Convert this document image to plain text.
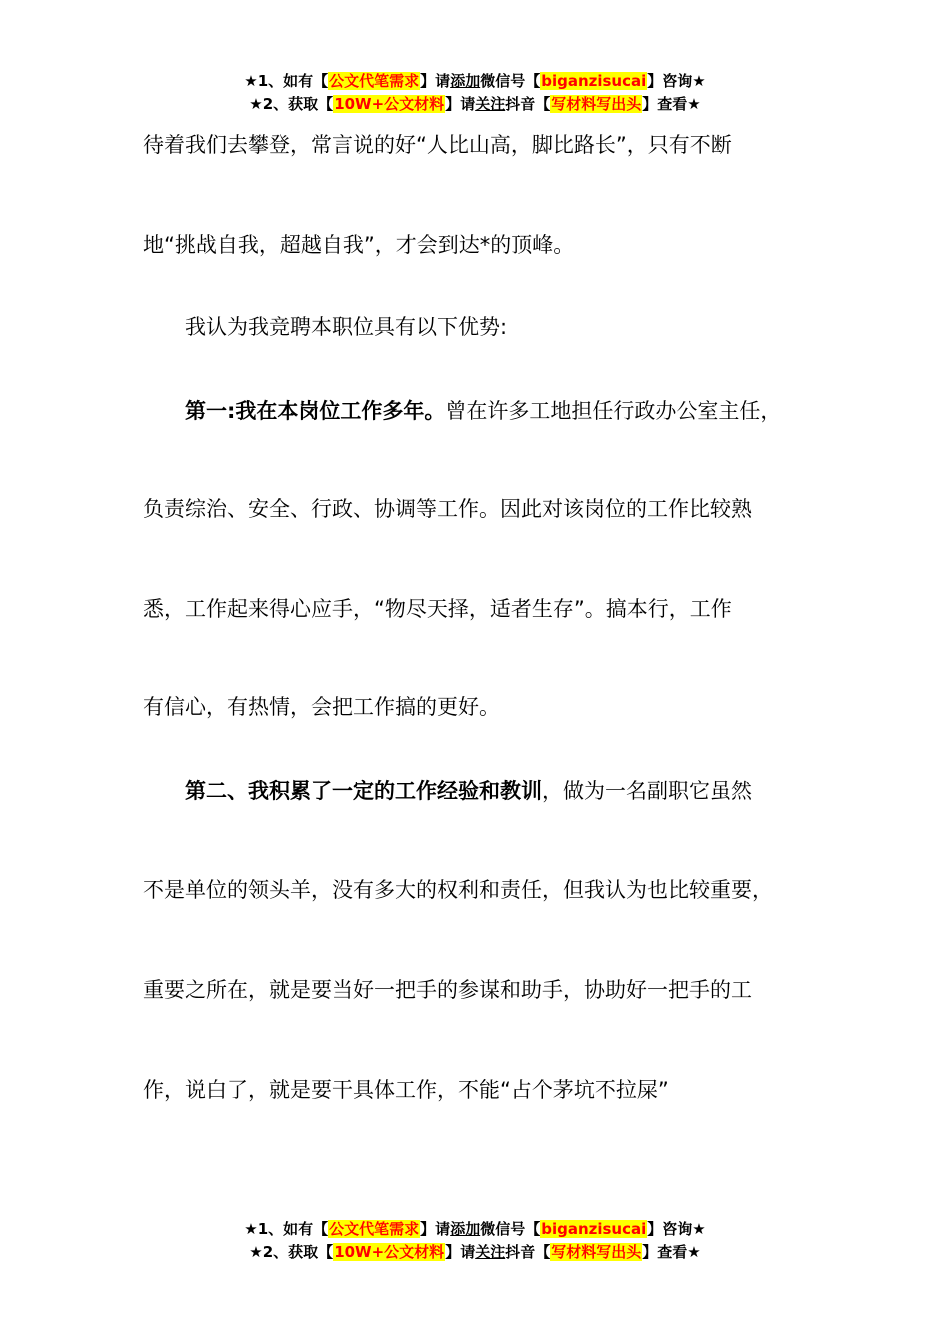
★1、如有【公文代笔需求】请添加微信号【biganzisucai】咨询★
★2、获取【10W+公文材料】请关注抖音【写材料写出头】查看★
待着我们去攀登，常言说的好“人比山高，脚比路长”，只有不断
地“挑战自我，超越自我”，才会到达*的顶峰。
我认为我竞聘本职位具有以下优势:
第一:我在本岗位工作多年。曾在许多工地担任行政办公室主任，
负责综治、安全、行政、协调等工作。因此对该岗位的工作比较熟
悉，工作起来得心应手，“物尽天择，适者生存”。搞本行，工作
有信心，有热情，会把工作搞的更好。
第二、我积累了一定的工作经验和教训，做为一名副职它虽然
不是单位的领头羊，没有多大的权利和责任，但我认为也比较重要，
重要之所在，就是要当好一把手的参谋和助手，协助好一把手的工
作，说白了，就是要干具体工作，不能“占个茅坑不拉屎”
★1、如有【公文代笔需求】请添加微信号【biganzisucai】咨询★
★2、获取【10W+公文材料】请关注抖音【写材料写出头】查看★
